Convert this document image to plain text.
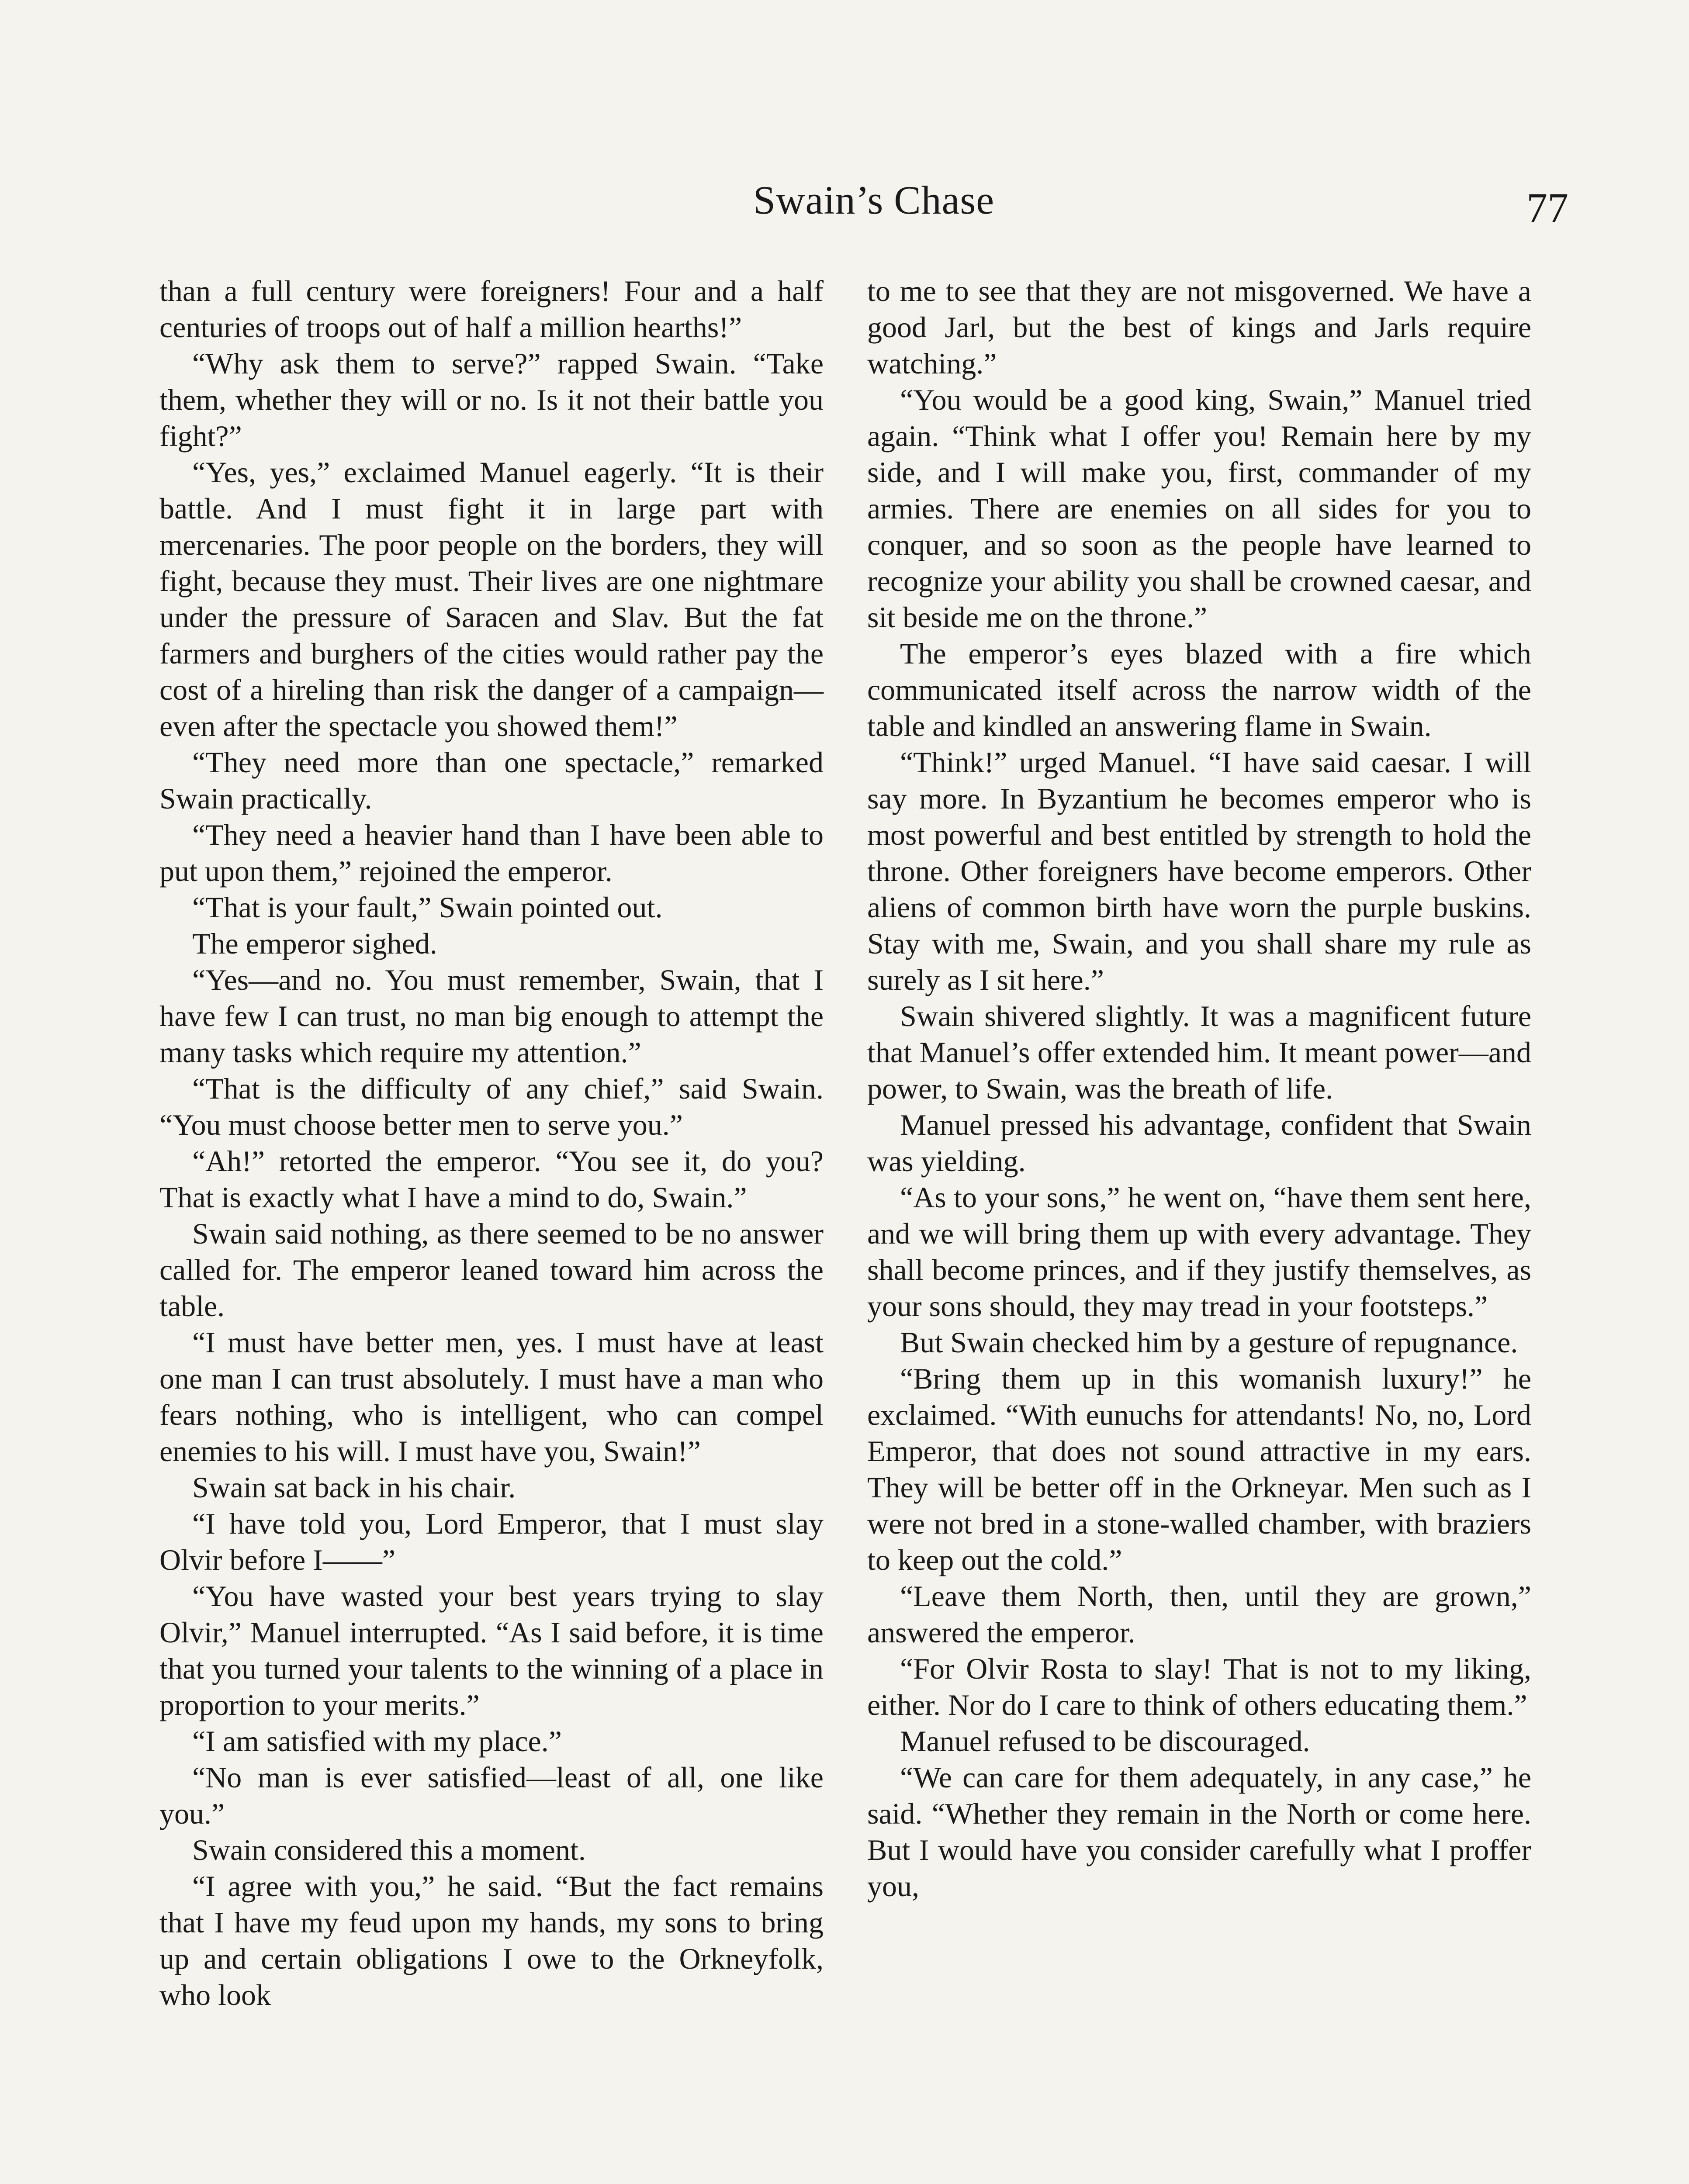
Swain’s Chase	77

than a full century were foreigners! Four and a half centuries of troops out of half a million hearths!”

“Why ask them to serve?” rapped Swain. “Take them, whether they will or no. Is it not their battle you fight?”

“Yes, yes,” exclaimed Manuel eagerly. “It is their battle. And I must fight it in large part with mercenaries. The poor people on the borders, they will fight, because they must. Their lives are one nightmare under the pressure of Saracen and Slav. But the fat farmers and burghers of the cities would rather pay the cost of a hireling than risk the danger of a campaign— even after the spectacle you showed them!”

“They need more than one spectacle,” remarked Swain practically.

“They need a heavier hand than I have been able to put upon them,” rejoined the emperor.

“That is your fault,” Swain pointed out.

The emperor sighed.

“Yes—and no. You must remember, Swain, that I have few I can trust, no man big enough to attempt the many tasks which require my attention.”

“That is the difficulty of any chief,” said Swain. “You must choose better men to serve you.”

“Ah!” retorted the emperor. “You see it, do you? That is exactly what I have a mind to do, Swain.”

Swain said nothing, as there seemed to be no answer called for. The emperor leaned toward him across the table.

“I must have better men, yes. I must have at least one man I can trust absolutely. I must have a man who fears nothing, who is intelligent, who can compel enemies to his will. I must have you, Swain!”

Swain sat back in his chair.

“I have told you, Lord Emperor, that I must slay Olvir before I——”

“You have wasted your best years trying to slay Olvir,” Manuel interrupted. “As I said before, it is time that you turned your talents to the winning of a place in proportion to your merits.”

“I am satisfied with my place.”

“No man is ever satisfied—least of all, one like you.”

Swain considered this a moment.

“I agree with you,” he said. “But the fact remains that I have my feud upon my hands, my sons to bring up and certain obligations I owe to the Orkneyfolk, who look

to me to see that they are not misgoverned. We have a good Jarl, but the best of kings and Jarls require watching.”

“You would be a good king, Swain,” Manuel tried again. “Think what I offer you! Remain here by my side, and I will make you, first, commander of my armies. There are enemies on all sides for you to conquer, and so soon as the people have learned to recognize your ability you shall be crowned caesar, and sit beside me on the throne.”

The emperor’s eyes blazed with a fire which communicated itself across the narrow width of the table and kindled an answering flame in Swain.

“Think!” urged Manuel. “I have said caesar. I will say more. In Byzantium he becomes emperor who is most powerful and best entitled by strength to hold the throne. Other foreigners have become emperors. Other aliens of common birth have worn the purple buskins. Stay with me, Swain, and you shall share my rule as surely as I sit here.”

Swain shivered slightly. It was a magnificent future that Manuel’s offer extended him. It meant power—and power, to Swain, was the breath of life.

Manuel pressed his advantage, confident that Swain was yielding.

“As to your sons,” he went on, “have them sent here, and we will bring them up with every advantage. They shall become princes, and if they justify themselves, as your sons should, they may tread in your footsteps.”

But Swain checked him by a gesture of repugnance.

“Bring them up in this womanish luxury!” he exclaimed. “With eunuchs for attendants! No, no, Lord Emperor, that does not sound attractive in my ears. They will be better off in the Orkneyar. Men such as I were not bred in a stone-walled chamber, with braziers to keep out the cold.”

“Leave them North, then, until they are grown,” answered the emperor.

“For Olvir Rosta to slay! That is not to my liking, either. Nor do I care to think of others educating them.”

Manuel refused to be discouraged.

“We can care for them adequately, in any case,” he said. “Whether they remain in the North or come here. But I would have you consider carefully what I proffer you,
